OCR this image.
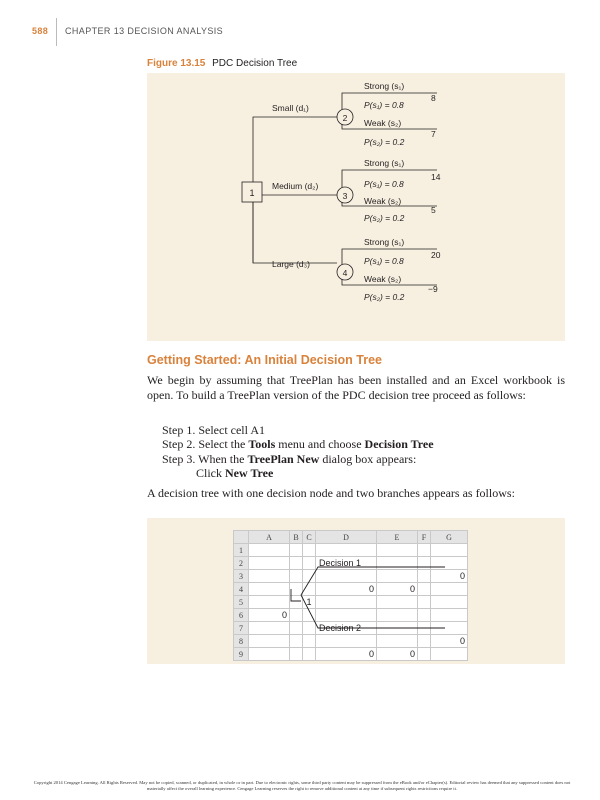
588 CHAPTER 13 DECISION ANALYSIS
Figure 13.15 PDC Decision Tree
1
2
3
4
Small (d₁)
Medium (d₂)
Large (d₃)
Strong (s₁)
P(s₁) = 0.8
8
Weak (s₂)
P(s₂) = 0.2
7
Strong (s₁)
P(s₁) = 0.8
14
Weak (s₂)
P(s₂) = 0.2
5
Strong (s₁)
P(s₁) = 0.8
20
Weak (s₂)
P(s₂) = 0.2
−9
Getting Started: An Initial Decision Tree
We begin by assuming that TreePlan has been installed and an Excel workbook is open. To build a TreePlan version of the PDC decision tree proceed as follows:
Step 1. Select cell A1
Step 2. Select the Tools menu and choose Decision Tree
Step 3. When the TreePlan New dialog box appears:
Click New Tree
A decision tree with one decision node and two branches appears as follows:
	A	B	C	D	E	F	G
1							
2				Decision 1			
3							0
4				0	0		
5			1				
6	0						
7				Decision 2			
8							0
9				0	0		
Copyright 2014 Cengage Learning. All Rights Reserved. May not be copied, scanned, or duplicated, in whole or in part. Due to electronic rights, some third party content may be suppressed from the eBook and/or eChapter(s). Editorial review has deemed that any suppressed content does not materially affect the overall learning experience. Cengage Learning reserves the right to remove additional content at any time if subsequent rights restrictions require it.
